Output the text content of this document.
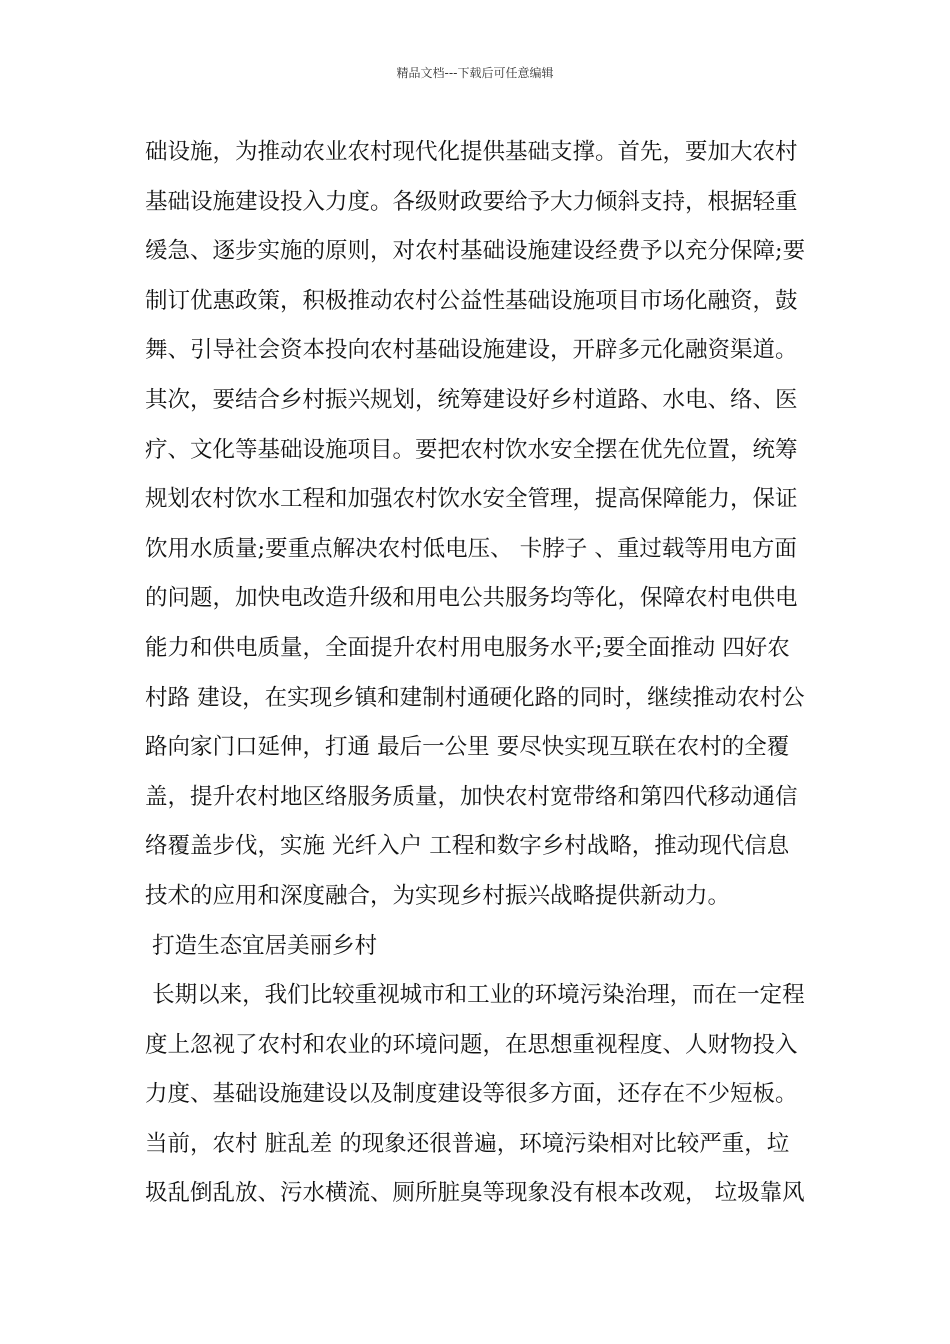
精品文档---下载后可任意编辑
础设施，为推动农业农村现代化提供基础支撑。首先，要加大农村
基础设施建设投入力度。各级财政要给予大力倾斜支持，根据轻重
缓急、逐步实施的原则，对农村基础设施建设经费予以充分保障;要
制订优惠政策，积极推动农村公益性基础设施项目市场化融资，鼓
舞、引导社会资本投向农村基础设施建设，开辟多元化融资渠道。
其次，要结合乡村振兴规划，统筹建设好乡村道路、水电、络、医
疗、文化等基础设施项目。要把农村饮水安全摆在优先位置，统筹
规划农村饮水工程和加强农村饮水安全管理，提高保障能力，保证
饮用水质量;要重点解决农村低电压、 卡脖子 、重过载等用电方面
的问题，加快电改造升级和用电公共服务均等化，保障农村电供电
能力和供电质量，全面提升农村用电服务水平;要全面推动 四好农
村路 建设，在实现乡镇和建制村通硬化路的同时，继续推动农村公
路向家门口延伸，打通 最后一公里 要尽快实现互联在农村的全覆
盖，提升农村地区络服务质量，加快农村宽带络和第四代移动通信
络覆盖步伐，实施 光纤入户 工程和数字乡村战略，推动现代信息
技术的应用和深度融合，为实现乡村振兴战略提供新动力。
打造生态宜居美丽乡村
长期以来，我们比较重视城市和工业的环境污染治理，而在一定程
度上忽视了农村和农业的环境问题，在思想重视程度、人财物投入
力度、基础设施建设以及制度建设等很多方面，还存在不少短板。
当前，农村 脏乱差 的现象还很普遍，环境污染相对比较严重，垃
圾乱倒乱放、污水横流、厕所脏臭等现象没有根本改观， 垃圾靠风
